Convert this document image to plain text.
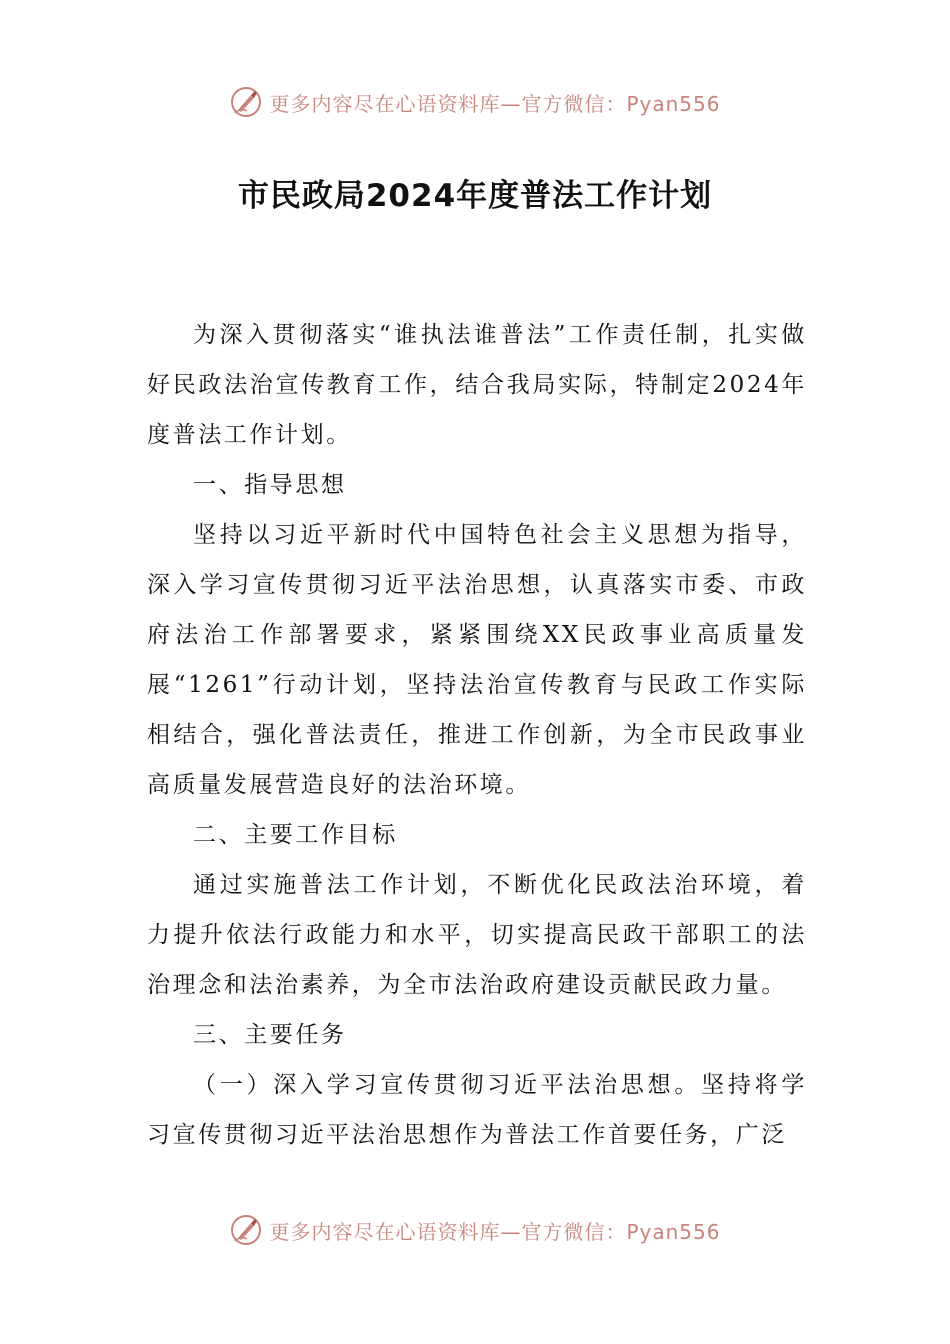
更多内容尽在心语资料库—官方微信：Pyan556
市民政局2024年度普法工作计划

为深入贯彻落实“谁执法谁普法”工作责任制，扎实做好民政法治宣传教育工作，结合我局实际，特制定2024年度普法工作计划。

一、指导思想

坚持以习近平新时代中国特色社会主义思想为指导，深入学习宣传贯彻习近平法治思想，认真落实市委、市政府法治工作部署要求，紧紧围绕XX民政事业高质量发展“1261”行动计划，坚持法治宣传教育与民政工作实际相结合，强化普法责任，推进工作创新，为全市民政事业高质量发展营造良好的法治环境。

二、主要工作目标

通过实施普法工作计划，不断优化民政法治环境，着力提升依法行政能力和水平，切实提高民政干部职工的法治理念和法治素养，为全市法治政府建设贡献民政力量。

三、主要任务

（一）深入学习宣传贯彻习近平法治思想。坚持将学习宣传贯彻习近平法治思想作为普法工作首要任务，广泛

更多内容尽在心语资料库—官方微信：Pyan556
